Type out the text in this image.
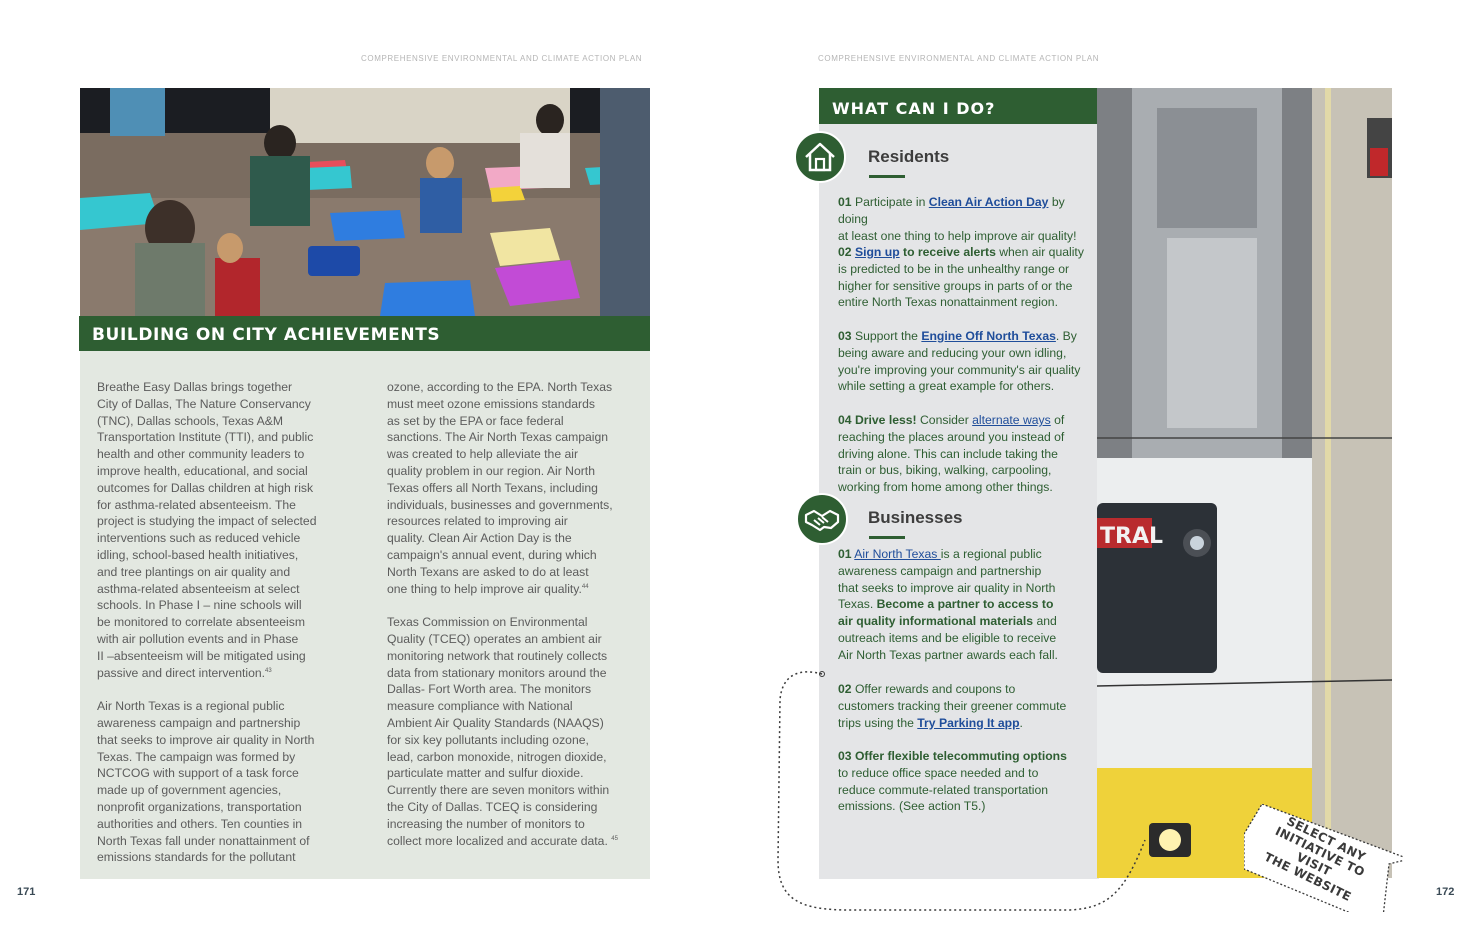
COMPREHENSIVE ENVIRONMENTAL AND CLIMATE ACTION PLAN	COMPREHENSIVE ENVIRONMENTAL AND CLIMATE ACTION PLAN
BUILDING ON CITY ACHIEVEMENTS

Breathe Easy Dallas brings together
City of Dallas, The Nature Conservancy
(TNC), Dallas schools, Texas A&M
Transportation Institute (TTI), and public
health and other community leaders to
improve health, educational, and social
outcomes for Dallas children at high risk
for asthma-related absenteeism. The
project is studying the impact of selected
interventions such as reduced vehicle
idling, school-based health initiatives,
and tree plantings on air quality and
asthma-related absenteeism at select
schools. In Phase I – nine schools will
be monitored to correlate absenteeism
with air pollution events and in Phase
II –absenteeism will be mitigated using
passive and direct intervention.$^{43}$

Air North Texas is a regional public
awareness campaign and partnership
that seeks to improve air quality in North
Texas. The campaign was formed by
NCTCOG with support of a task force
made up of government agencies,
nonprofit organizations, transportation
authorities and others. Ten counties in
North Texas fall under nonattainment of
emissions standards for the pollutant

ozone, according to the EPA. North Texas
must meet ozone emissions standards
as set by the EPA or face federal
sanctions. The Air North Texas campaign
was created to help alleviate the air
quality problem in our region. Air North
Texas offers all North Texans, including
individuals, businesses and governments,
resources related to improving air
quality. Clean Air Action Day is the
campaign's annual event, during which
North Texans are asked to do at least
one thing to help improve air quality.$^{44}$

Texas Commission on Environmental
Quality (TCEQ) operates an ambient air
monitoring network that routinely collects
data from stationary monitors around the
Dallas- Fort Worth area. The monitors
measure compliance with National
Ambient Air Quality Standards (NAAQS)
for six key pollutants including ozone,
lead, carbon monoxide, nitrogen dioxide,
particulate matter and sulfur dioxide.
Currently there are seven monitors within
the City of Dallas. TCEQ is considering
increasing the number of monitors to
collect more localized and accurate data. $^{45}$

171
TRAL
WHAT CAN I DO?
Residents
01 Participate in Clean Air Action Day by doing
at least one thing to help improve air quality!
02 Sign up to receive alerts when air quality
is predicted to be in the unhealthy range or
higher for sensitive groups in parts of or the
entire North Texas nonattainment region.
03 Support the Engine Off North Texas. By
being aware and reducing your own idling,
you're improving your community's air quality
while setting a great example for others.
04 Drive less! Consider alternate ways of
reaching the places around you instead of
driving alone. This can include taking the
train or bus, biking, walking, carpooling,
working from home among other things.
Businesses
01 Air North Texas is a regional public
awareness campaign and partnership
that seeks to improve air quality in North
Texas. Become a partner to access to
air quality informational materials and
outreach items and be eligible to receive
Air North Texas partner awards each fall.
02 Offer rewards and coupons to
customers tracking their greener commute
trips using the Try Parking It app.
03 Offer flexible telecommuting options
to reduce office space needed and to
reduce commute-related transportation
emissions. (See action T5.)
SELECT ANY
INITIATIVE TO VISIT
THE WEBSITE	172
